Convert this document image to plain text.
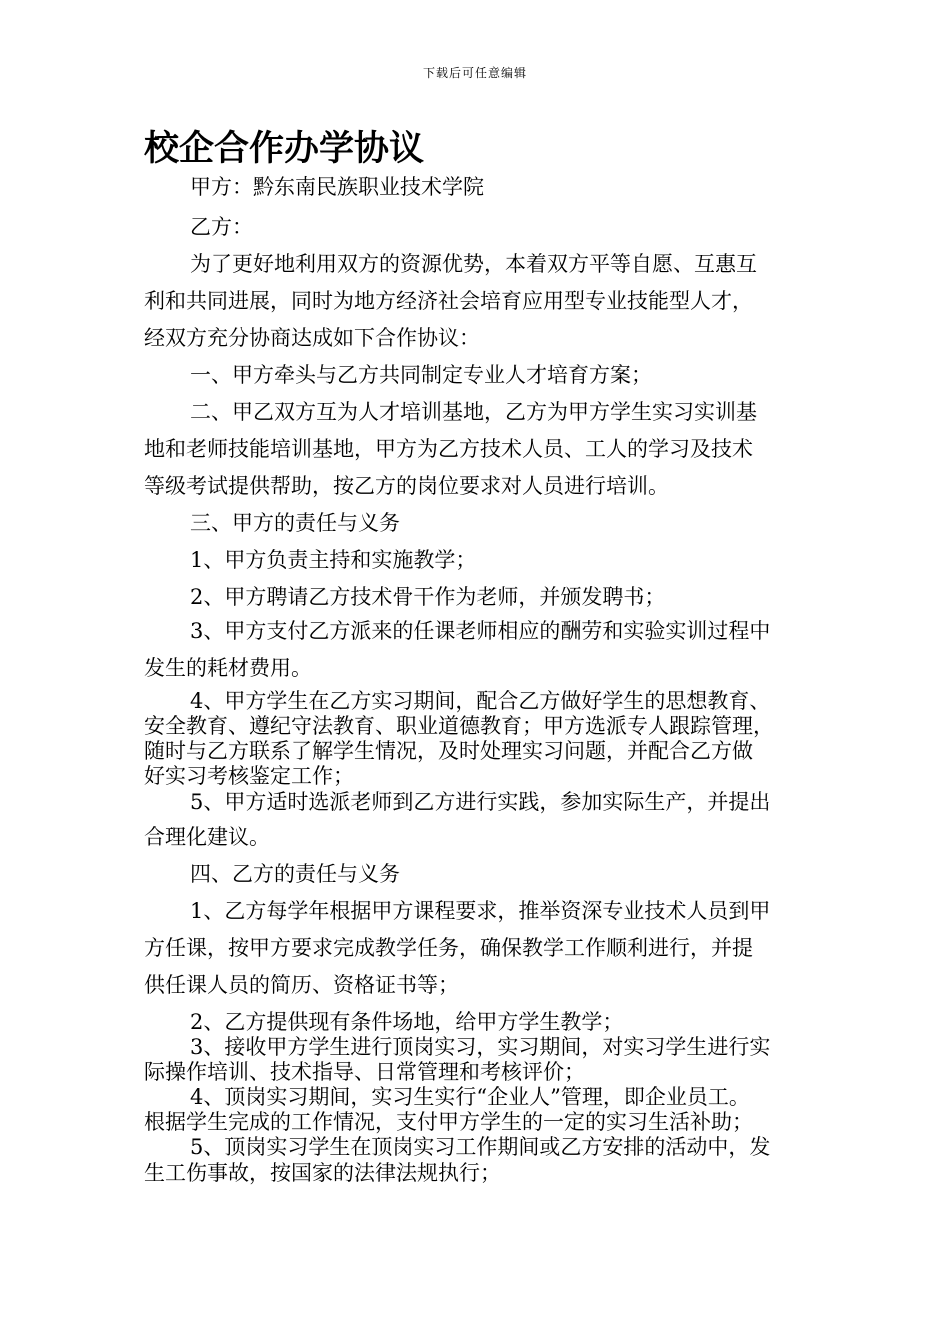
下载后可任意编辑
校企合作办学协议
甲方：黔东南民族职业技术学院
乙方：
为了更好地利用双方的资源优势，本着双方平等自愿、互惠互
利和共同进展，同时为地方经济社会培育应用型专业技能型人才，
经双方充分协商达成如下合作协议：
一、甲方牵头与乙方共同制定专业人才培育方案；
二、甲乙双方互为人才培训基地，乙方为甲方学生实习实训基
地和老师技能培训基地，甲方为乙方技术人员、工人的学习及技术
等级考试提供帮助，按乙方的岗位要求对人员进行培训。
三、甲方的责任与义务
1、甲方负责主持和实施教学；
2、甲方聘请乙方技术骨干作为老师，并颁发聘书；
3、甲方支付乙方派来的任课老师相应的酬劳和实验实训过程中
发生的耗材费用。
4、甲方学生在乙方实习期间，配合乙方做好学生的思想教育、
安全教育、遵纪守法教育、职业道德教育；甲方选派专人跟踪管理，
随时与乙方联系了解学生情况，及时处理实习问题，并配合乙方做
好实习考核鉴定工作；
5、甲方适时选派老师到乙方进行实践，参加实际生产，并提出
合理化建议。
四、乙方的责任与义务
1、乙方每学年根据甲方课程要求，推举资深专业技术人员到甲
方任课，按甲方要求完成教学任务，确保教学工作顺利进行，并提
供任课人员的简历、资格证书等；
2、乙方提供现有条件场地，给甲方学生教学；
3、接收甲方学生进行顶岗实习，实习期间，对实习学生进行实
际操作培训、技术指导、日常管理和考核评价；
4、顶岗实习期间，实习生实行“企业人”管理，即企业员工。
根据学生完成的工作情况，支付甲方学生的一定的实习生活补助；
5、顶岗实习学生在顶岗实习工作期间或乙方安排的活动中，发
生工伤事故，按国家的法律法规执行；
